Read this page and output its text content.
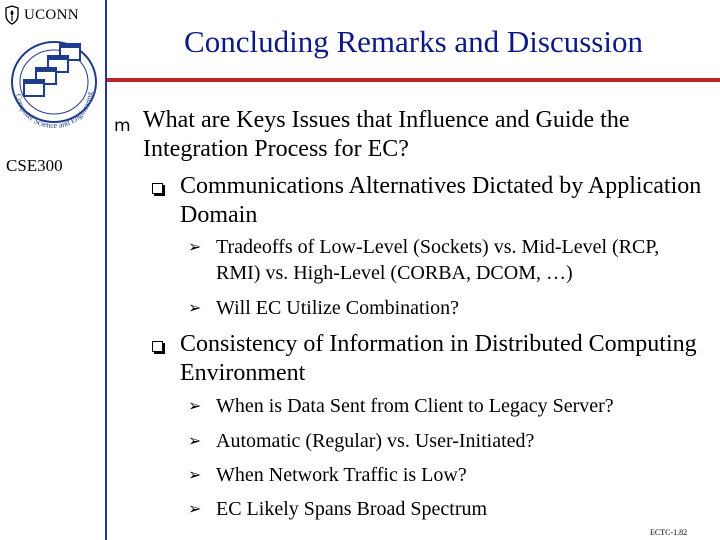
UCONN
Computer Science and Engineering
CSE300
Concluding Remarks and Discussion
m What are Keys Issues that Influence and Guide the Integration Process for EC?
Communications Alternatives Dictated by Application Domain
➢ Tradeoffs of Low-Level (Sockets) vs. Mid-Level (RCP, RMI) vs. High-Level (CORBA, DCOM, …)
➢ Will EC Utilize Combination?
Consistency of Information in Distributed Computing Environment
➢ When is Data Sent from Client to Legacy Server?
➢ Automatic (Regular) vs. User-Initiated?
➢ When Network Traffic is Low?
➢ EC Likely Spans Broad Spectrum
ECTC-1.82
